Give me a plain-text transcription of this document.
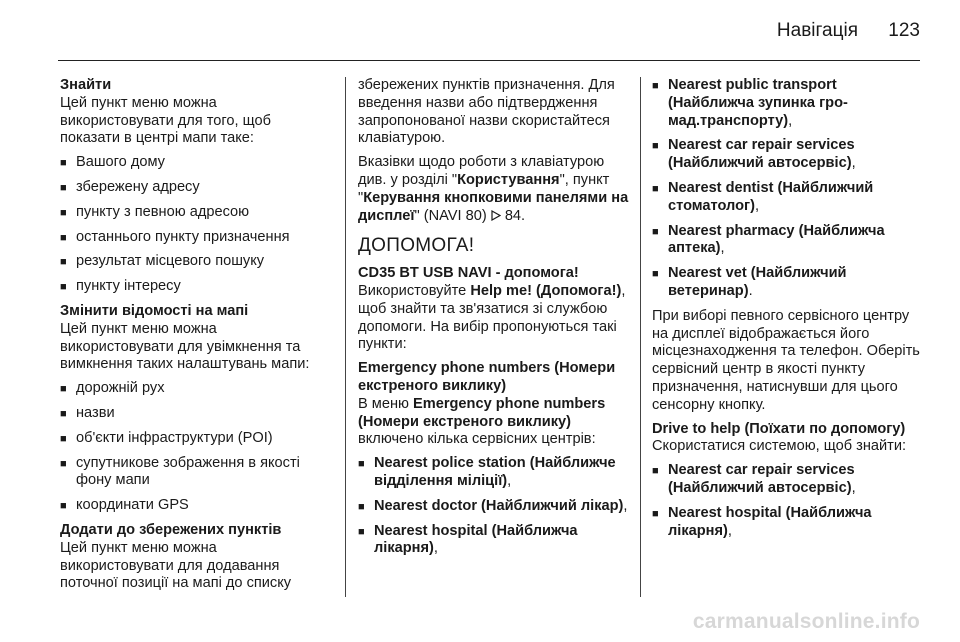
Навігація 123

Знайти

Цей пункт меню можна використовувати для того, щоб показати в центрі мапи таке:

■ Вашого дому
■ збережену адресу
■ пункту з певною адресою
■ останнього пункту призначення
■ результат місцевого пошуку
■ пункту інтересу

Змінити відомості на мапі

Цей пункт меню можна використовувати для увімкнення та вимкнення таких налаштувань мапи:

■ дорожній рух
■ назви
■ об'єкти інфраструктури (POI)
■ супутникове зображення в якості фону мапи
■ координати GPS

Додати до збережених пунктів

Цей пункт меню можна використовувати для додавання поточної позиції на мапі до списку

збережених пунктів призначення. Для введення назви або підтвердження запропонованої назви скористайтеся клавіатурою.

Вказівки щодо роботи з клавіатурою див. у розділі "Користування", пункт "Керування кнопковими панелями на дисплеї" (NAVI 80)  84.

ДОПОМОГА!

CD35 BT USB NAVI - допомога!

Використовуйте Help me! (Допомога!), щоб знайти та зв'язатися зі службою допомоги. На вибір пропонуються такі пункти:

Emergency phone numbers (Номери екстреного виклику)

В меню Emergency phone numbers (Номери екстреного виклику) включено кілька сервісних центрів:

■ Nearest police station (Найближче відділення міліції),
■ Nearest doctor (Найближчий лікар),
■ Nearest hospital (Найближча лікарня),
■ Nearest public transport (Найближча зупинка гро-мад.транспорту),
■ Nearest car repair services (Найближчий автосервіс),
■ Nearest dentist (Найближчий стоматолог),
■ Nearest pharmacy (Найближча аптека),
■ Nearest vet (Найближчий ветеринар).

При виборі певного сервісного центру на дисплеї відображається його місцезнаходження та телефон. Оберіть сервісний центр в якості пункту призначення, натиснувши для цього сенсорну кнопку.

Drive to help (Поїхати по допомогу)

Скористатися системою, щоб знайти:

■ Nearest car repair services (Найближчий автосервіс),
■ Nearest hospital (Найближча лікарня),
carmanualsonline.info
